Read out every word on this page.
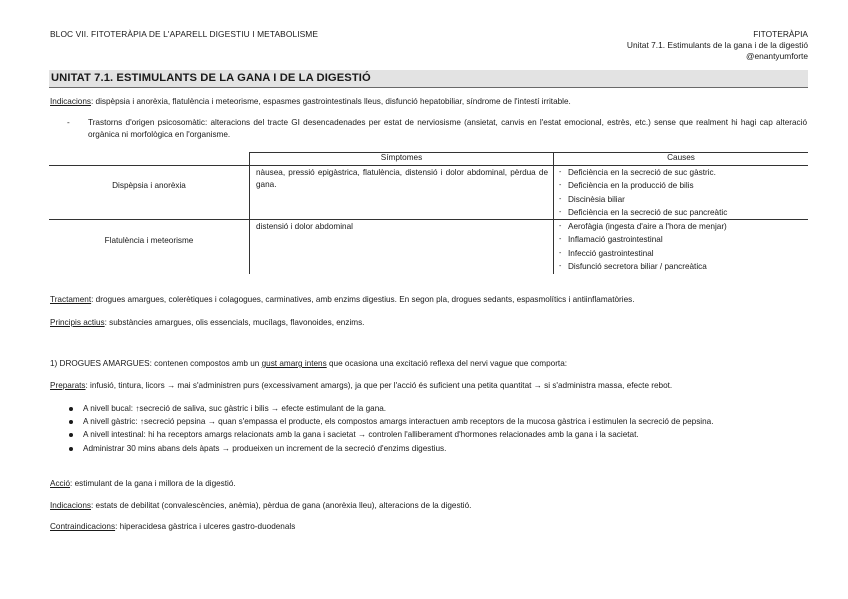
BLOC VII. FITOTERÀPIA DE L'APARELL DIGESTIU I METABOLISME	FITOTERÀPIA
Unitat 7.1. Estimulants de la gana i de la digestió
@enantyumforte
UNITAT 7.1. ESTIMULANTS DE LA GANA I DE LA DIGESTIÓ
Indicacions: dispèpsia i anorèxia, flatulència i meteorisme, espasmes gastrointestinals lleus, disfunció hepatobiliar, síndrome de l'intestí irritable.
- Trastorns d'origen psicosomàtic: alteracions del tracte GI desencadenades per estat de nerviosisme (ansietat, canvis en l'estat emocional, estrès, etc.) sense que realment hi hagi cap alteració orgànica ni morfològica en l'organisme.
Símptomes	Causes
Dispèpsia i anorèxia
nàusea, pressió epigàstrica, flatulència, distensió i dolor abdominal, pèrdua de gana.
- Deficiència en la secreció de suc gàstric.
- Deficiència en la producció de bilis
- Discinèsia biliar
- Deficiència en la secreció de suc pancreàtic
Flatulència i meteorisme
distensió i dolor abdominal
-	Aerofàgia (ingesta d'aire a l'hora de menjar)
- Inflamació gastrointestinal
- Infecció gastrointestinal
- Disfunció secretora biliar / pancreàtica
Tractament: drogues amargues, colerètiques i colagogues, carminatives, amb enzims digestius. En segon pla, drogues sedants, espasmolítics i antiinflamatòries.
Principis actius: substàncies amargues, olis essencials, mucílags, flavonoides, enzims.
1) DROGUES AMARGUES: contenen compostos amb un gust amarg intens que ocasiona una excitació reflexa del nervi vague que comporta:
Preparats: infusió, tintura, licors → mai s'administren purs (excessivament amargs), ja que per l'acció és suficient una petita quantitat → si s'administra massa, efecte rebot.
A nivell bucal: ↑secreció de saliva, suc gàstric i bilis → efecte estimulant de la gana.
A nivell gàstric: ↑secreció pepsina → quan s'empassa el producte, els compostos amargs interactuen amb receptors de la mucosa gàstrica i estimulen la secreció de pepsina.
A nivell intestinal: hi ha receptors amargs relacionats amb la gana i sacietat → controlen l'alliberament d'hormones relacionades amb la gana i la sacietat.
Administrar 30 mins abans dels àpats → produeixen un increment de la secreció d'enzims digestius.
Acció: estimulant de la gana i millora de la digestió.
Indicacions: estats de debilitat (convalescències, anèmia), pèrdua de gana (anorèxia lleu), alteracions de la digestió.
Contraindicacions: hiperacidesa gàstrica i ulceres gastro-duodenals
